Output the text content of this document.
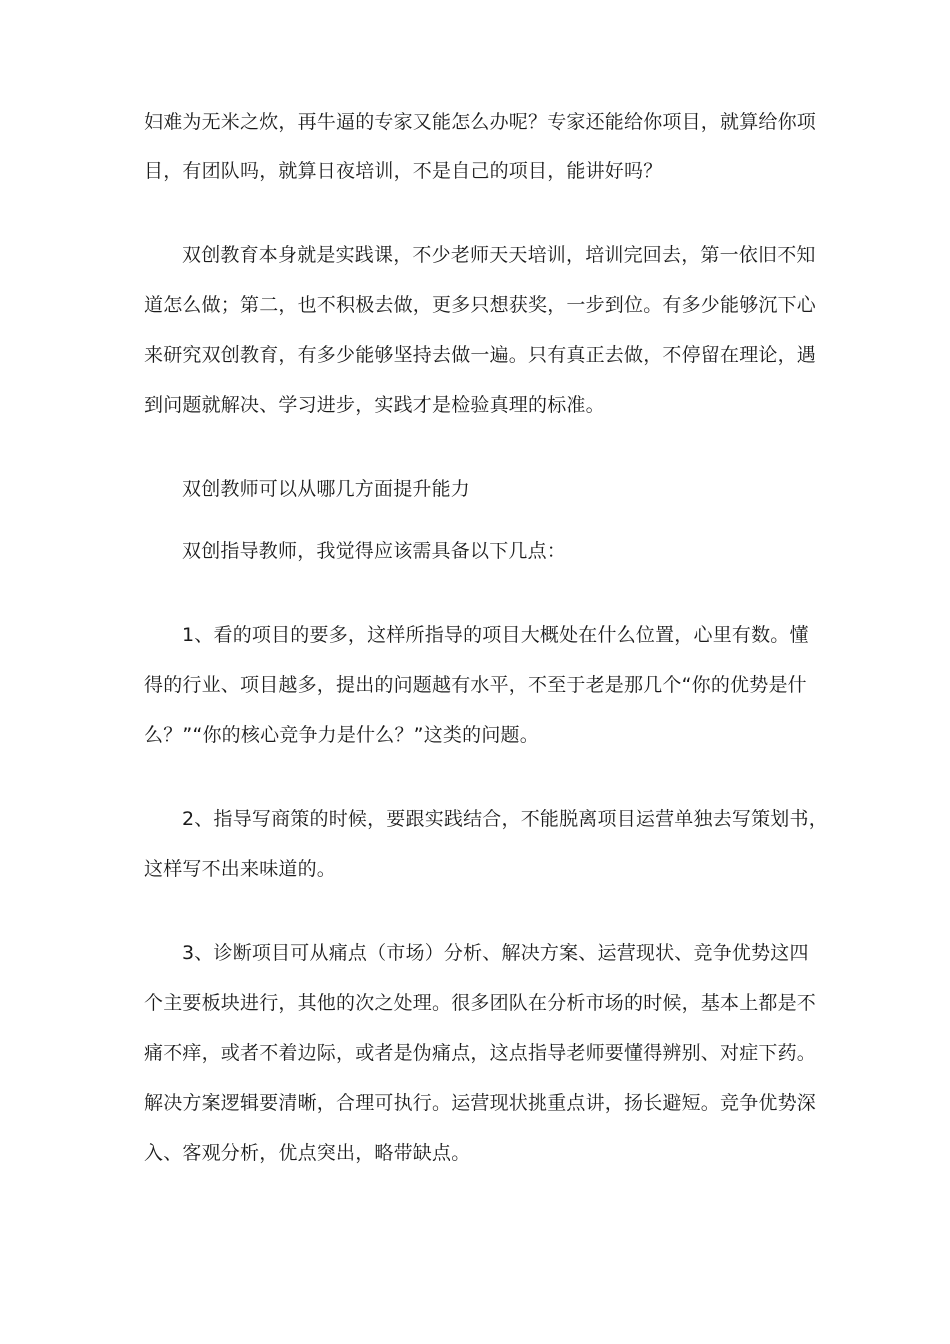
妇难为无米之炊，再牛逼的专家又能怎么办呢？专家还能给你项目，就算给你项
目，有团队吗，就算日夜培训，不是自己的项目，能讲好吗？
双创教育本身就是实践课，不少老师天天培训，培训完回去，第一依旧不知
道怎么做；第二，也不积极去做，更多只想获奖，一步到位。有多少能够沉下心
来研究双创教育，有多少能够坚持去做一遍。只有真正去做，不停留在理论，遇
到问题就解决、学习进步，实践才是检验真理的标准。
双创教师可以从哪几方面提升能力
双创指导教师，我觉得应该需具备以下几点：
1、看的项目的要多，这样所指导的项目大概处在什么位置，心里有数。懂
得的行业、项目越多，提出的问题越有水平，不至于老是那几个“你的优势是什
么？”“你的核心竞争力是什么？”这类的问题。
2、指导写商策的时候，要跟实践结合，不能脱离项目运营单独去写策划书，
这样写不出来味道的。
3、诊断项目可从痛点（市场）分析、解决方案、运营现状、竞争优势这四
个主要板块进行，其他的次之处理。很多团队在分析市场的时候，基本上都是不
痛不痒，或者不着边际，或者是伪痛点，这点指导老师要懂得辨别、对症下药。
解决方案逻辑要清晰，合理可执行。运营现状挑重点讲，扬长避短。竞争优势深
入、客观分析，优点突出，略带缺点。
